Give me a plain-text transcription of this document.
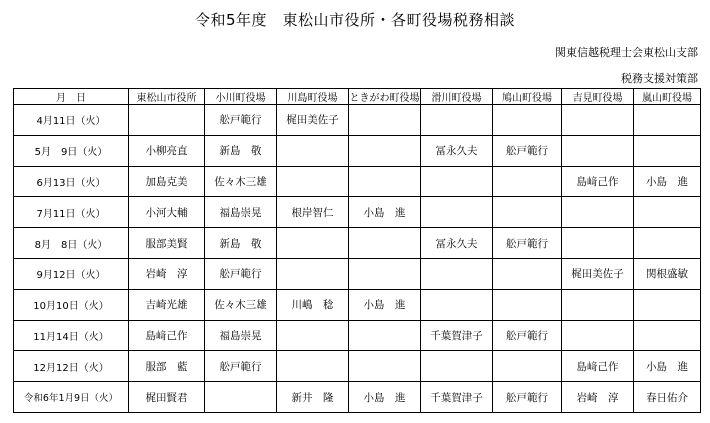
令和5年度　東松山市役所・各町役場税務相談
関東信越税理士会東松山支部
税務支援対策部
月　日	東松山市役所	小川町役場	川島町役場	ときがわ町役場	滑川町役場	鳩山町役場	吉見町役場	嵐山町役場
4月11日（火）		舩戸範行	梶田美佐子					
5月　9日（火）	小柳亮直	新島　敬			冨永久夫	舩戸範行		
6月13日（火）	加島克美	佐々木三雄					島﨑己作	小島　進
7月11日（火）	小河大輔	福島崇晃	根岸智仁	小島　進				
8月　8日（火）	服部美賢	新島　敬			冨永久夫	舩戸範行		
9月12日（火）	岩崎　淳	舩戸範行					梶田美佐子	関根盛敏
10月10日（火）	吉崎光雄	佐々木三雄	川嶋　稔	小島　進				
11月14日（火）	島﨑己作	福島崇晃			千葉賀津子	舩戸範行		
12月12日（火）	服部　藍	舩戸範行					島﨑己作	小島　進
令和6年1月9日（火）	梶田賢君		新井　隆	小島　進	千葉賀津子	舩戸範行	岩崎　淳	春日佑介
